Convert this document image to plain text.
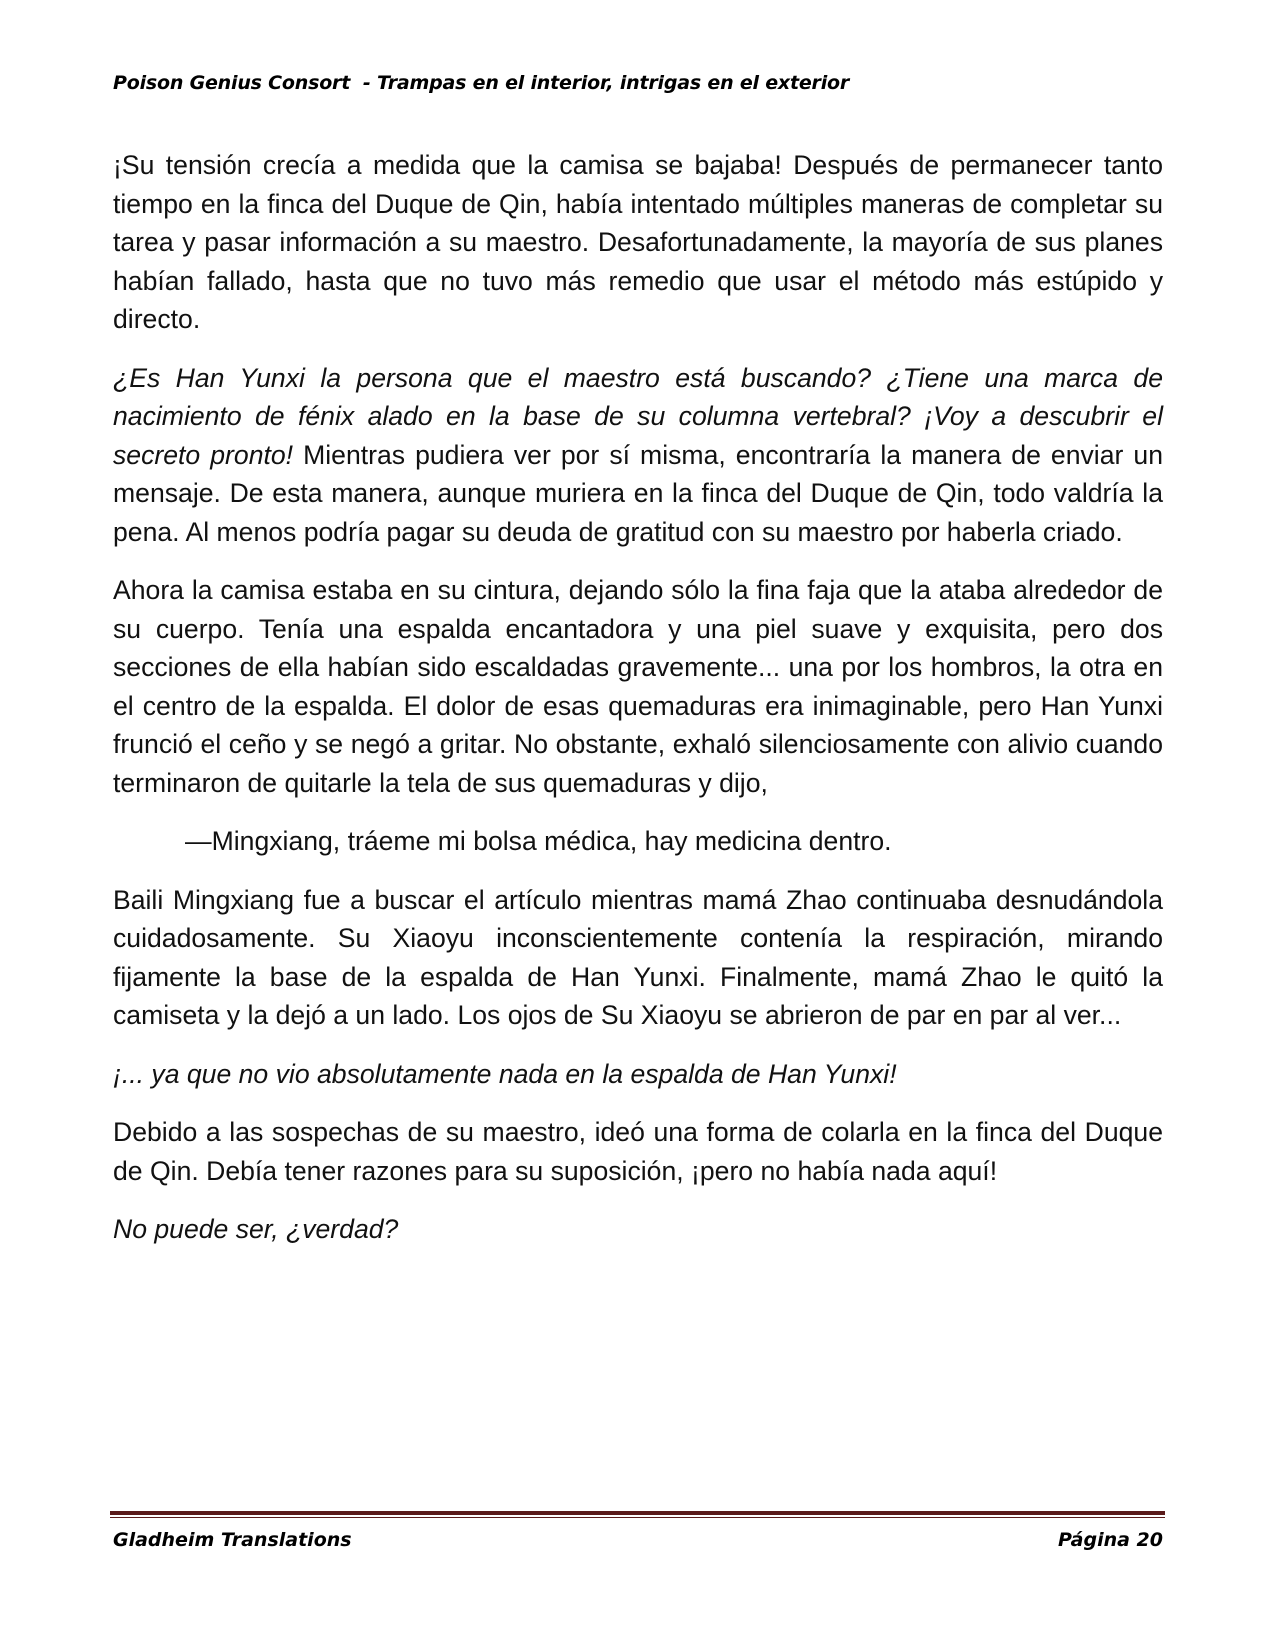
Poison Genius Consort  - Trampas en el interior, intrigas en el exterior

¡Su tensión crecía a medida que la camisa se bajaba! Después de permanecer tanto tiempo en la finca del Duque de Qin, había intentado múltiples maneras de completar su tarea y pasar información a su maestro. Desafortunadamente, la mayoría de sus planes habían fallado, hasta que no tuvo más remedio que usar el método más estúpido y directo.

¿Es Han Yunxi la persona que el maestro está buscando? ¿Tiene una marca de nacimiento de fénix alado en la base de su columna vertebral? ¡Voy a descubrir el secreto pronto! Mientras pudiera ver por sí misma, encontraría la manera de enviar un mensaje. De esta manera, aunque muriera en la finca del Duque de Qin, todo valdría la pena. Al menos podría pagar su deuda de gratitud con su maestro por haberla criado.

Ahora la camisa estaba en su cintura, dejando sólo la fina faja que la ataba alrededor de su cuerpo. Tenía una espalda encantadora y una piel suave y exquisita, pero dos secciones de ella habían sido escaldadas gravemente... una por los hombros, la otra en el centro de la espalda. El dolor de esas quemaduras era inimaginable, pero Han Yunxi frunció el ceño y se negó a gritar. No obstante, exhaló silenciosamente con alivio cuando terminaron de quitarle la tela de sus quemaduras y dijo,

—Mingxiang, tráeme mi bolsa médica, hay medicina dentro.

Baili Mingxiang fue a buscar el artículo mientras mamá Zhao continuaba desnudándola cuidadosamente. Su Xiaoyu inconscientemente contenía la respiración, mirando fijamente la base de la espalda de Han Yunxi. Finalmente, mamá Zhao le quitó la camiseta y la dejó a un lado. Los ojos de Su Xiaoyu se abrieron de par en par al ver...

¡... ya que no vio absolutamente nada en la espalda de Han Yunxi!

Debido a las sospechas de su maestro, ideó una forma de colarla en la finca del Duque de Qin. Debía tener razones para su suposición, ¡pero no había nada aquí!

No puede ser, ¿verdad?

Gladheim Translations	Página 20
